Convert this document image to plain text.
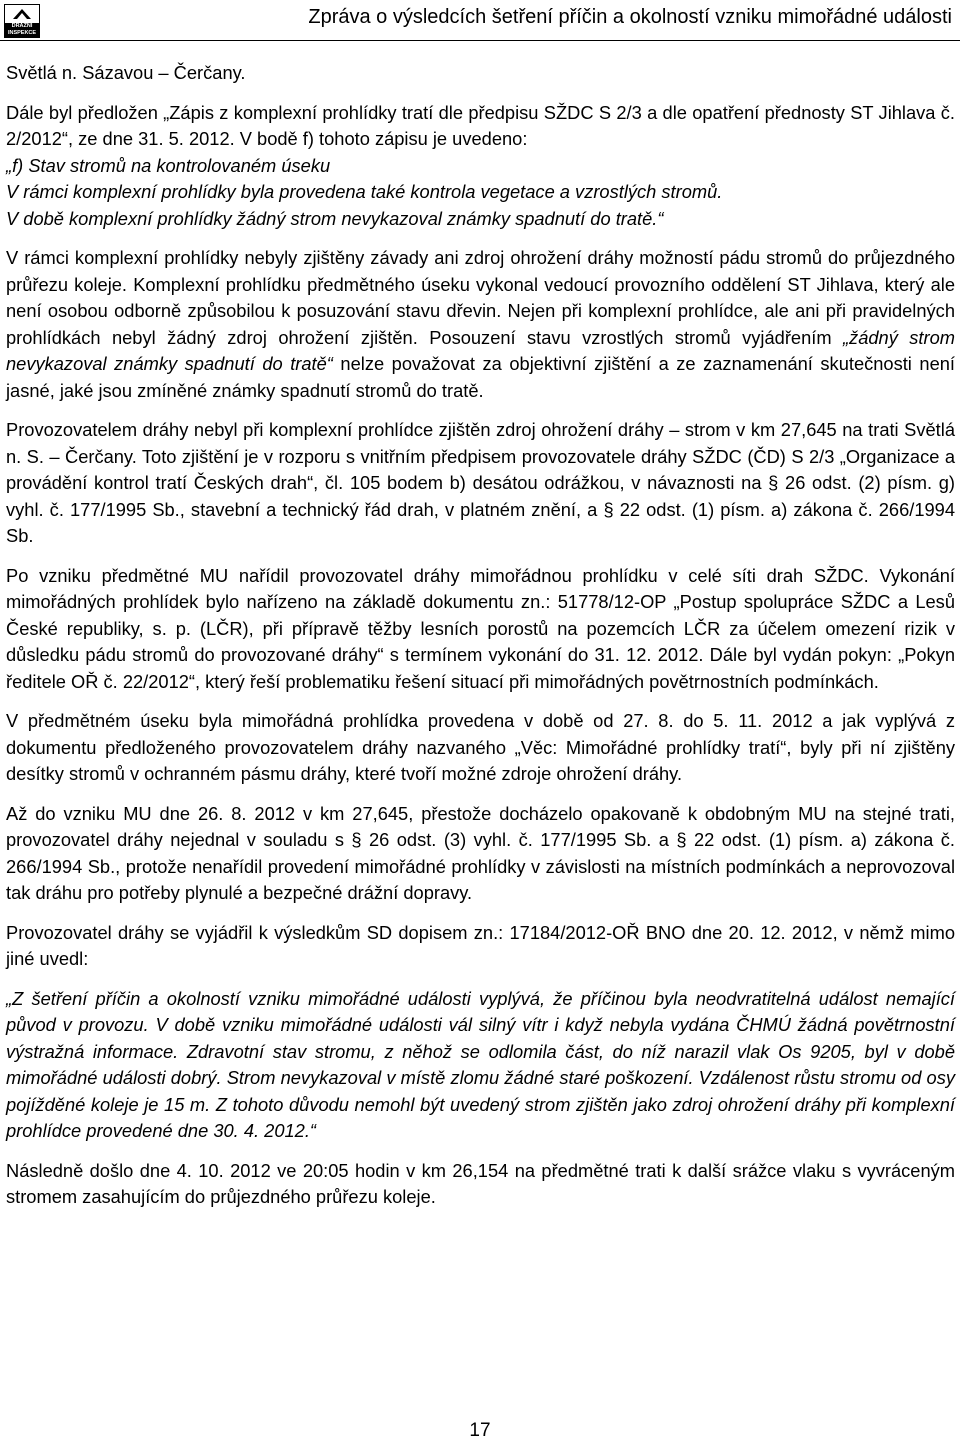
DRÁŽNÍ INSPEKCE
Zpráva o výsledcích šetření příčin a okolností vzniku mimořádné události

Světlá n. Sázavou – Čerčany.

Dále byl předložen „Zápis z komplexní prohlídky tratí dle předpisu SŽDC S 2/3 a dle opatření přednosty ST Jihlava č. 2/2012“, ze dne 31. 5. 2012. V bodě f) tohoto zápisu je uvedeno:

„f) Stav stromů na kontrolovaném úseku
V rámci komplexní prohlídky byla provedena také kontrola vegetace a vzrostlých stromů.
V době komplexní prohlídky žádný strom nevykazoval známky spadnutí do tratě.“

V rámci komplexní prohlídky nebyly zjištěny závady ani zdroj ohrožení dráhy možností pádu stromů do průjezdného průřezu koleje. Komplexní prohlídku předmětného úseku vykonal vedoucí provozního oddělení ST Jihlava, který ale není osobou odborně způsobilou k posuzování stavu dřevin. Nejen při komplexní prohlídce, ale ani při pravidelných prohlídkách nebyl žádný zdroj ohrožení zjištěn. Posouzení stavu vzrostlých stromů vyjádřením „žádný strom nevykazoval známky spadnutí do tratě“ nelze považovat za objektivní zjištění a ze zaznamenání skutečnosti není jasné, jaké jsou zmíněné známky spadnutí stromů do tratě.

Provozovatelem dráhy nebyl při komplexní prohlídce zjištěn zdroj ohrožení dráhy – strom v km 27,645 na trati Světlá n. S. – Čerčany. Toto zjištění je v rozporu s vnitřním předpisem provozovatele dráhy SŽDC (ČD) S 2/3 „Organizace a provádění kontrol tratí Českých drah“, čl. 105 bodem b) desátou odrážkou, v návaznosti na § 26 odst. (2) písm. g) vyhl. č. 177/1995 Sb., stavební a technický řád drah, v platném znění, a § 22 odst. (1) písm. a) zákona č. 266/1994 Sb.

Po vzniku předmětné MU nařídil provozovatel dráhy mimořádnou prohlídku v celé síti drah SŽDC. Vykonání mimořádných prohlídek bylo nařízeno na základě dokumentu zn.: 51778/12-OP „Postup spolupráce SŽDC a Lesů České republiky, s. p. (LČR), při přípravě těžby lesních porostů na pozemcích LČR za účelem omezení rizik v důsledku pádu stromů do provozované dráhy“ s termínem vykonání do 31. 12. 2012. Dále byl vydán pokyn: „Pokyn ředitele OŘ č. 22/2012“, který řeší problematiku řešení situací při mimořádných povětrnostních podmínkách.

V předmětném úseku byla mimořádná prohlídka provedena v době od 27. 8. do 5. 11. 2012 a jak vyplývá z dokumentu předloženého provozovatelem dráhy nazvaného „Věc: Mimořádné prohlídky tratí“, byly při ní zjištěny desítky stromů v ochranném pásmu dráhy, které tvoří možné zdroje ohrožení dráhy.

Až do vzniku MU dne 26. 8. 2012 v km 27,645, přestože docházelo opakovaně k obdobným MU na stejné trati, provozovatel dráhy nejednal v souladu s § 26 odst. (3) vyhl. č. 177/1995 Sb. a § 22 odst. (1) písm. a) zákona č. 266/1994 Sb., protože nenařídil provedení mimořádné prohlídky v závislosti na místních podmínkách a neprovozoval tak dráhu pro potřeby plynulé a bezpečné drážní dopravy.

Provozovatel dráhy se vyjádřil k výsledkům SD dopisem zn.: 17184/2012-OŘ BNO dne 20. 12. 2012, v němž mimo jiné uvedl:

„Z šetření příčin a okolností vzniku mimořádné události vyplývá, že příčinou byla neodvratitelná událost nemající původ v provozu. V době vzniku mimořádné události vál silný vítr i když nebyla vydána ČHMÚ žádná povětrnostní výstražná informace. Zdravotní stav stromu, z něhož se odlomila část, do níž narazil vlak Os 9205, byl v době mimořádné události dobrý. Strom nevykazoval v místě zlomu žádné staré poškození. Vzdálenost růstu stromu od osy pojížděné koleje je 15 m. Z tohoto důvodu nemohl být uvedený strom zjištěn jako zdroj ohrožení dráhy při komplexní prohlídce provedené dne 30. 4. 2012.“

Následně došlo dne 4. 10. 2012 ve 20:05 hodin v km 26,154 na předmětné trati k další srážce vlaku s vyvráceným stromem zasahujícím do průjezdného průřezu koleje.

17
